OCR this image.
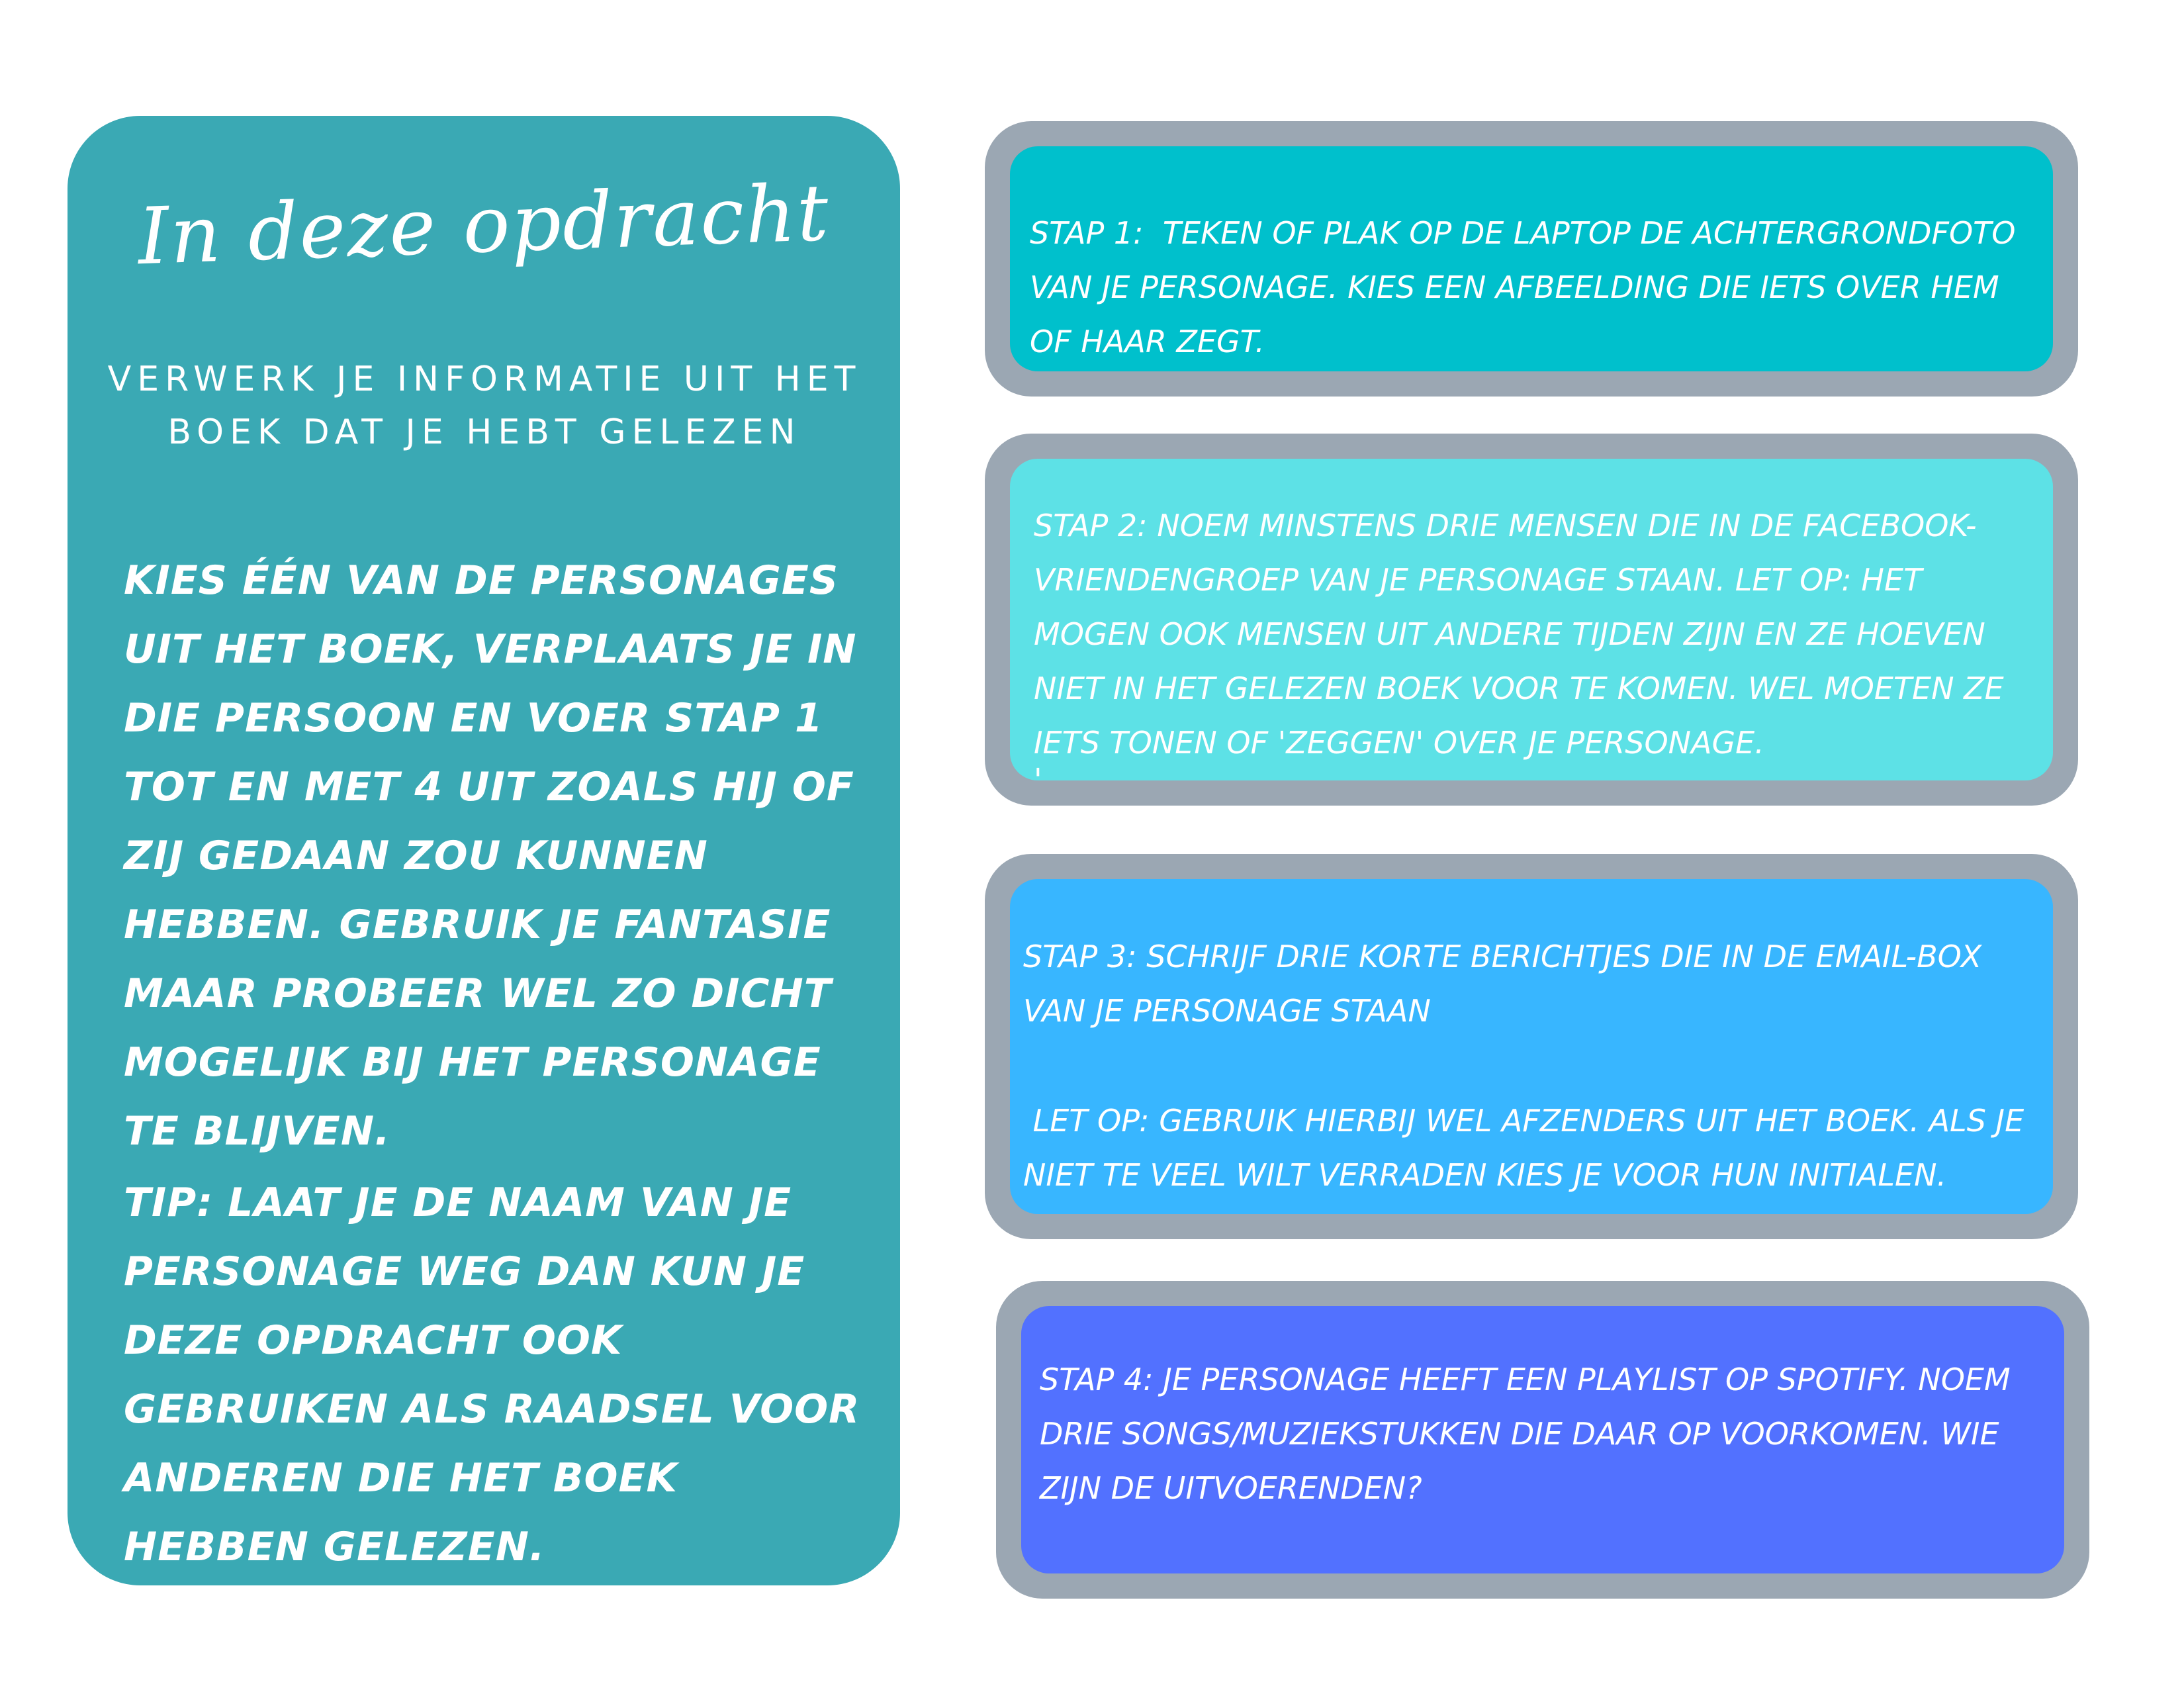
In deze opdracht
VERWERK JE INFORMATIE UIT HET BOEK DAT JE HEBT GELEZEN
KIES ÉÉN VAN DE PERSONAGES UIT HET BOEK, VERPLAATS JE IN DIE PERSOON EN VOER STAP 1 TOT EN MET 4 UIT ZOALS HIJ OF ZIJ GEDAAN ZOU KUNNEN HEBBEN. GEBRUIK JE FANTASIE MAAR PROBEER WEL ZO DICHT MOGELIJK BIJ HET PERSONAGE TE BLIJVEN.
TIP: LAAT JE DE NAAM VAN JE PERSONAGE WEG DAN KUN JE DEZE OPDRACHT OOK GEBRUIKEN ALS RAADSEL VOOR ANDEREN DIE HET BOEK HEBBEN GELEZEN.

STAP 1:  TEKEN OF PLAK OP DE LAPTOP DE ACHTERGRONDFOTO VAN JE PERSONAGE. KIES EEN AFBEELDING DIE IETS OVER HEM OF HAAR ZEGT.

STAP 2: NOEM MINSTENS DRIE MENSEN DIE IN DE FACEBOOK-VRIENDENGROEP VAN JE PERSONAGE STAAN. LET OP: HET MOGEN OOK MENSEN UIT ANDERE TIJDEN ZIJN EN ZE HOEVEN NIET IN HET GELEZEN BOEK VOOR TE KOMEN. WEL MOETEN ZE IETS TONEN OF 'ZEGGEN' OVER JE PERSONAGE.

'

STAP 3: SCHRIJF DRIE KORTE BERICHTJES DIE IN DE EMAIL-BOX VAN JE PERSONAGE STAAN

LET OP: GEBRUIK HIERBIJ WEL AFZENDERS UIT HET BOEK. ALS JE NIET TE VEEL WILT VERRADEN KIES JE VOOR HUN INITIALEN.

STAP 4: JE PERSONAGE HEEFT EEN PLAYLIST OP SPOTIFY. NOEM DRIE SONGS/MUZIEKSTUKKEN DIE DAAR OP VOORKOMEN. WIE ZIJN DE UITVOERENDEN?
